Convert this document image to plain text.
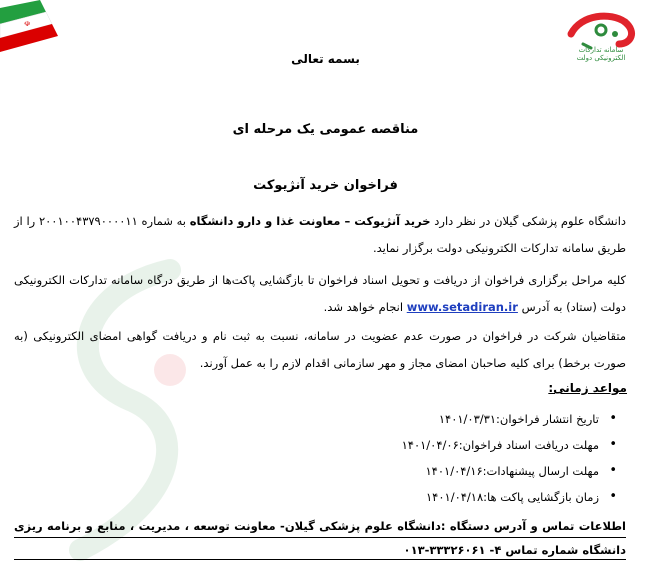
☫
سامانه تدارکات الکترونیکی دولت
بسمه تعالی
مناقصه عمومی یک مرحله ای
فراخوان خرید آنژیوکت
دانشگاه علوم پزشکی گیلان در نظر دارد خرید آنژیوکت – معاونت غذا و دارو دانشگاه به شماره ۲۰۰۱۰۰۴۳۷۹۰۰۰۰۱۱ را از طریق سامانه تدارکات الکترونیکی دولت برگزار نماید.
کلیه مراحل برگزاری فراخوان از دریافت و تحویل اسناد فراخوان تا بازگشایی پاکت‌ها از طریق درگاه سامانه تدارکات الکترونیکی دولت (ستاد) به آدرس www.setadiran.ir انجام خواهد شد.
متقاضیان شرکت در فراخوان در صورت عدم عضویت در سامانه، نسبت به ثبت نام و دریافت گواهی امضای الکترونیکی (به صورت برخط) برای کلیه صاحبان امضای مجاز و مهر سازمانی اقدام لازم را به عمل آورند.
مواعد زمانی:
• تاریخ انتشار فراخوان:۱۴۰۱/۰۳/۳۱
• مهلت دریافت اسناد فراخوان:۱۴۰۱/۰۴/۰۶
• مهلت ارسال پیشنهادات:۱۴۰۱/۰۴/۱۶
• زمان بازگشایی پاکت ها:۱۴۰۱/۰۴/۱۸
اطلاعات تماس و آدرس دستگاه :دانشگاه علوم پزشکی گیلان- معاونت توسعه ، مدیریت ، منابع و برنامه ریزی دانشگاه شماره تماس ۴- ۳۳۳۲۶۰۶۱-۰۱۳
